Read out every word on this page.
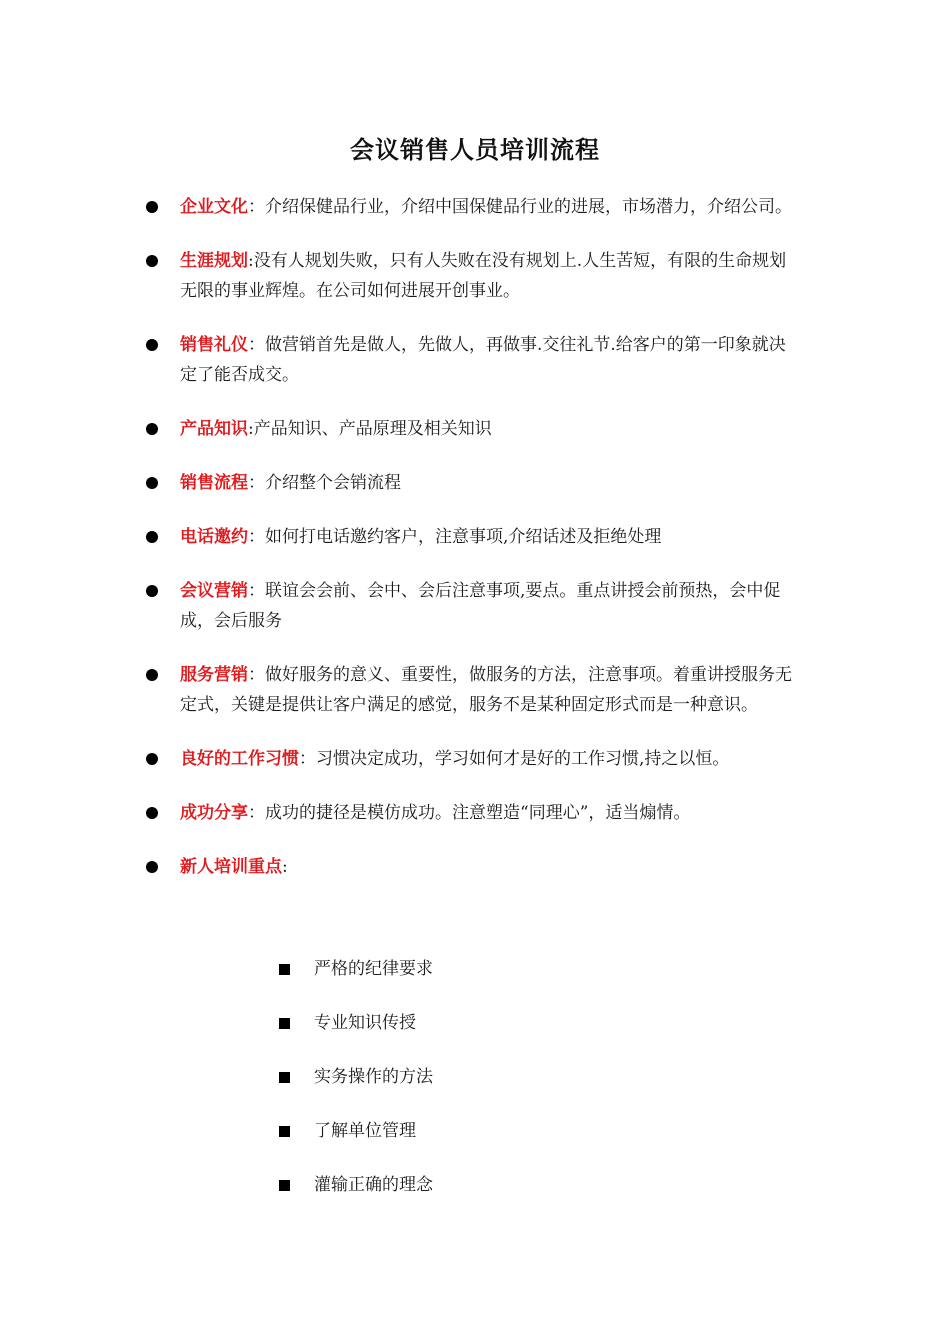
会议销售人员培训流程
企业文化：介绍保健品行业，介绍中国保健品行业的进展，市场潜力，介绍公司。
生涯规划:没有人规划失败，只有人失败在没有规划上.人生苦短，有限的生命规划无限的事业辉煌。在公司如何进展开创事业。
销售礼仪：做营销首先是做人，先做人，再做事.交往礼节.给客户的第一印象就决定了能否成交。
产品知识:产品知识、产品原理及相关知识
销售流程：介绍整个会销流程
电话邀约：如何打电话邀约客户，注意事项,介绍话述及拒绝处理
会议营销：联谊会会前、会中、会后注意事项,要点。重点讲授会前预热，会中促成，会后服务
服务营销：做好服务的意义、重要性，做服务的方法，注意事项。着重讲授服务无定式，关键是提供让客户满足的感觉，服务不是某种固定形式而是一种意识。
良好的工作习惯：习惯决定成功，学习如何才是好的工作习惯,持之以恒。
成功分享：成功的捷径是模仿成功。注意塑造“同理心”，适当煽情。
新人培训重点:
严格的纪律要求
专业知识传授
实务操作的方法
了解单位管理
灌输正确的理念
